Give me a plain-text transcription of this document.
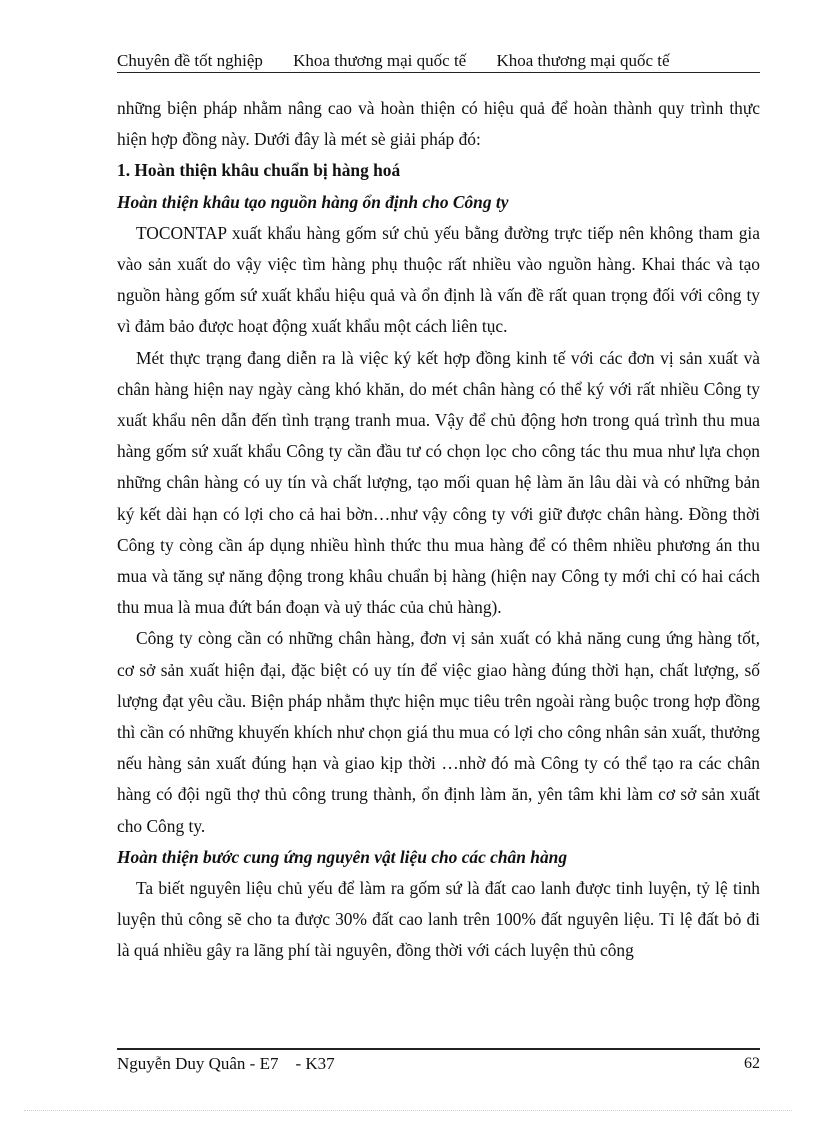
Chuyên đề tốt nghiệp Khoa thương mại quốc tế Khoa thương mại quốc tế

những biện pháp nhằm nâng cao và hoàn thiện có hiệu quả để hoàn thành quy trình thực hiện hợp đồng này. Dưới đây là mét sè giải pháp đó:

1. Hoàn thiện khâu chuẩn bị hàng hoá
Hoàn thiện khâu tạo nguồn hàng ổn định cho Công ty

TOCONTAP xuất khẩu hàng gốm sứ chủ yếu bằng đường trực tiếp nên không tham gia vào sản xuất do vậy việc tìm hàng phụ thuộc rất nhiều vào nguồn hàng. Khai thác và tạo nguồn hàng gốm sứ xuất khẩu hiệu quả và ổn định là vấn đề rất quan trọng đối với công ty vì đảm bảo được hoạt động xuất khẩu một cách liên tục.

Mét thực trạng đang diễn ra là việc ký kết hợp đồng kinh tế với các đơn vị sản xuất và chân hàng hiện nay ngày càng khó khăn, do mét chân hàng có thể ký với rất nhiều Công ty xuất khẩu nên dẫn đến tình trạng tranh mua. Vậy để chủ động hơn trong quá trình thu mua hàng gốm sứ xuất khẩu Công ty cần đầu tư có chọn lọc cho công tác thu mua như lựa chọn những chân hàng có uy tín và chất lượng, tạo mối quan hệ làm ăn lâu dài và có những bản ký kết dài hạn có lợi cho cả hai bờn…như vậy công ty với giữ được chân hàng. Đồng thời Công ty còng cần áp dụng nhiều hình thức thu mua hàng để có thêm nhiều phương án thu mua và tăng sự năng động trong khâu chuẩn bị hàng (hiện nay Công ty mới chỉ có hai cách thu mua là mua đứt bán đoạn và uỷ thác của chủ hàng).

Công ty còng cần có những chân hàng, đơn vị sản xuất có khả năng cung ứng hàng tốt, cơ sở sản xuất hiện đại, đặc biệt có uy tín để việc giao hàng đúng thời hạn, chất lượng, số lượng đạt yêu cầu. Biện pháp nhằm thực hiện mục tiêu trên ngoài ràng buộc trong hợp đồng thì cần có những khuyến khích như chọn giá thu mua có lợi cho công nhân sản xuất, thưởng nếu hàng sản xuất đúng hạn và giao kịp thời …nhờ đó mà Công ty có thể tạo ra các chân hàng có đội ngũ thợ thủ công trung thành, ổn định làm ăn, yên tâm khi làm cơ sở sản xuất cho Công ty.

Hoàn thiện bước cung ứng nguyên vật liệu cho các chân hàng

Ta biết nguyên liệu chủ yếu để làm ra gốm sứ là đất cao lanh được tinh luyện, tỷ lệ tinh luyện thủ công sẽ cho ta được 30% đất cao lanh trên 100% đất nguyên liệu. Tỉ lệ đất bỏ đi là quá nhiều gây ra lãng phí tài nguyên, đồng thời với cách luyện thủ công

Nguyễn Duy Quân - E7    - K37	62
